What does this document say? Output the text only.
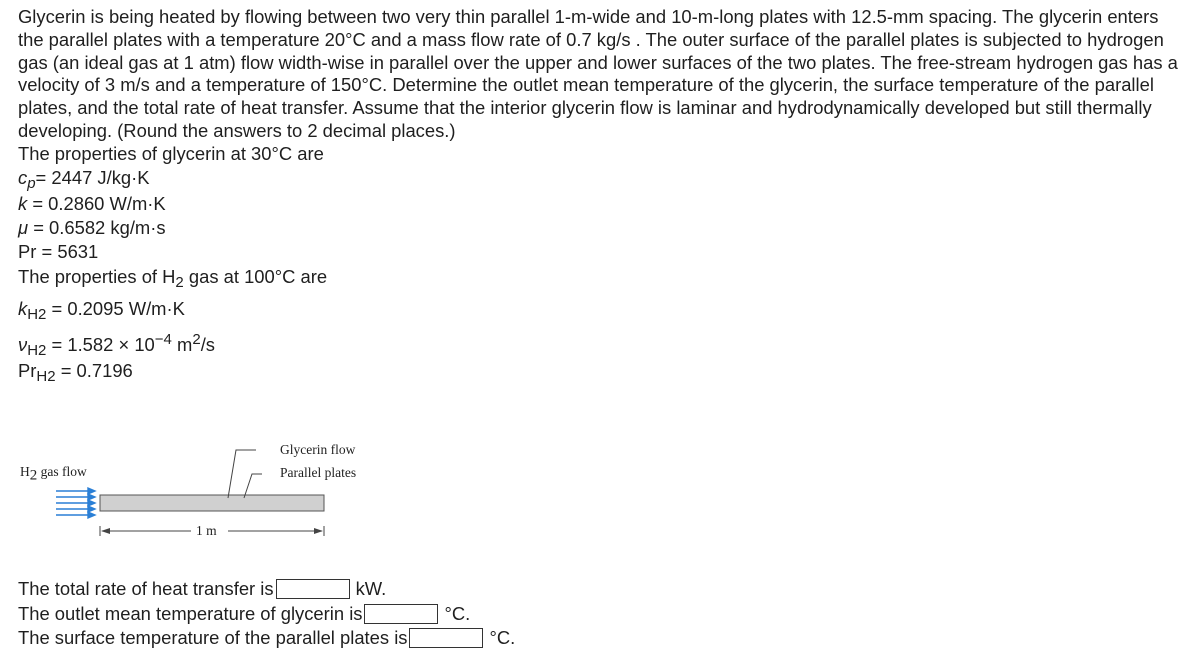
Glycerin is being heated by flowing between two very thin parallel 1-m-wide and 10-m-long plates with 12.5-mm spacing. The glycerin enters the parallel plates with a temperature 20°C and a mass flow rate of 0.7 kg/s . The outer surface of the parallel plates is subjected to hydrogen gas (an ideal gas at 1 atm) flow width-wise in parallel over the upper and lower surfaces of the two plates. The free-stream hydrogen gas has a velocity of 3 m/s and a temperature of 150°C. Determine the outlet mean temperature of the glycerin, the surface temperature of the parallel plates, and the total rate of heat transfer. Assume that the interior glycerin flow is laminar and hydrodynamically developed but still thermally developing. (Round the answers to 2 decimal places.)

The properties of glycerin at 30°C are

$c_p= 2447$ J/kg·K

k = 0.2860 W/m·K

μ = 0.6582 kg/m·s

Pr = 5631

The properties of $H_2$ gas at 100°C are

$k_{H2} = 0.2095$ W/m·K

$\nu_{H2} = 1.582 \times 10^{-4}$ $m^2/s$

$Pr_{H2} = 0.7196$

$H_2$ gas flow
Glycerin flow
Parallel plates
1 m
The total rate of heat transfer is	kW.
The outlet mean temperature of glycerin is	°C.
The surface temperature of the parallel plates is	°C.
